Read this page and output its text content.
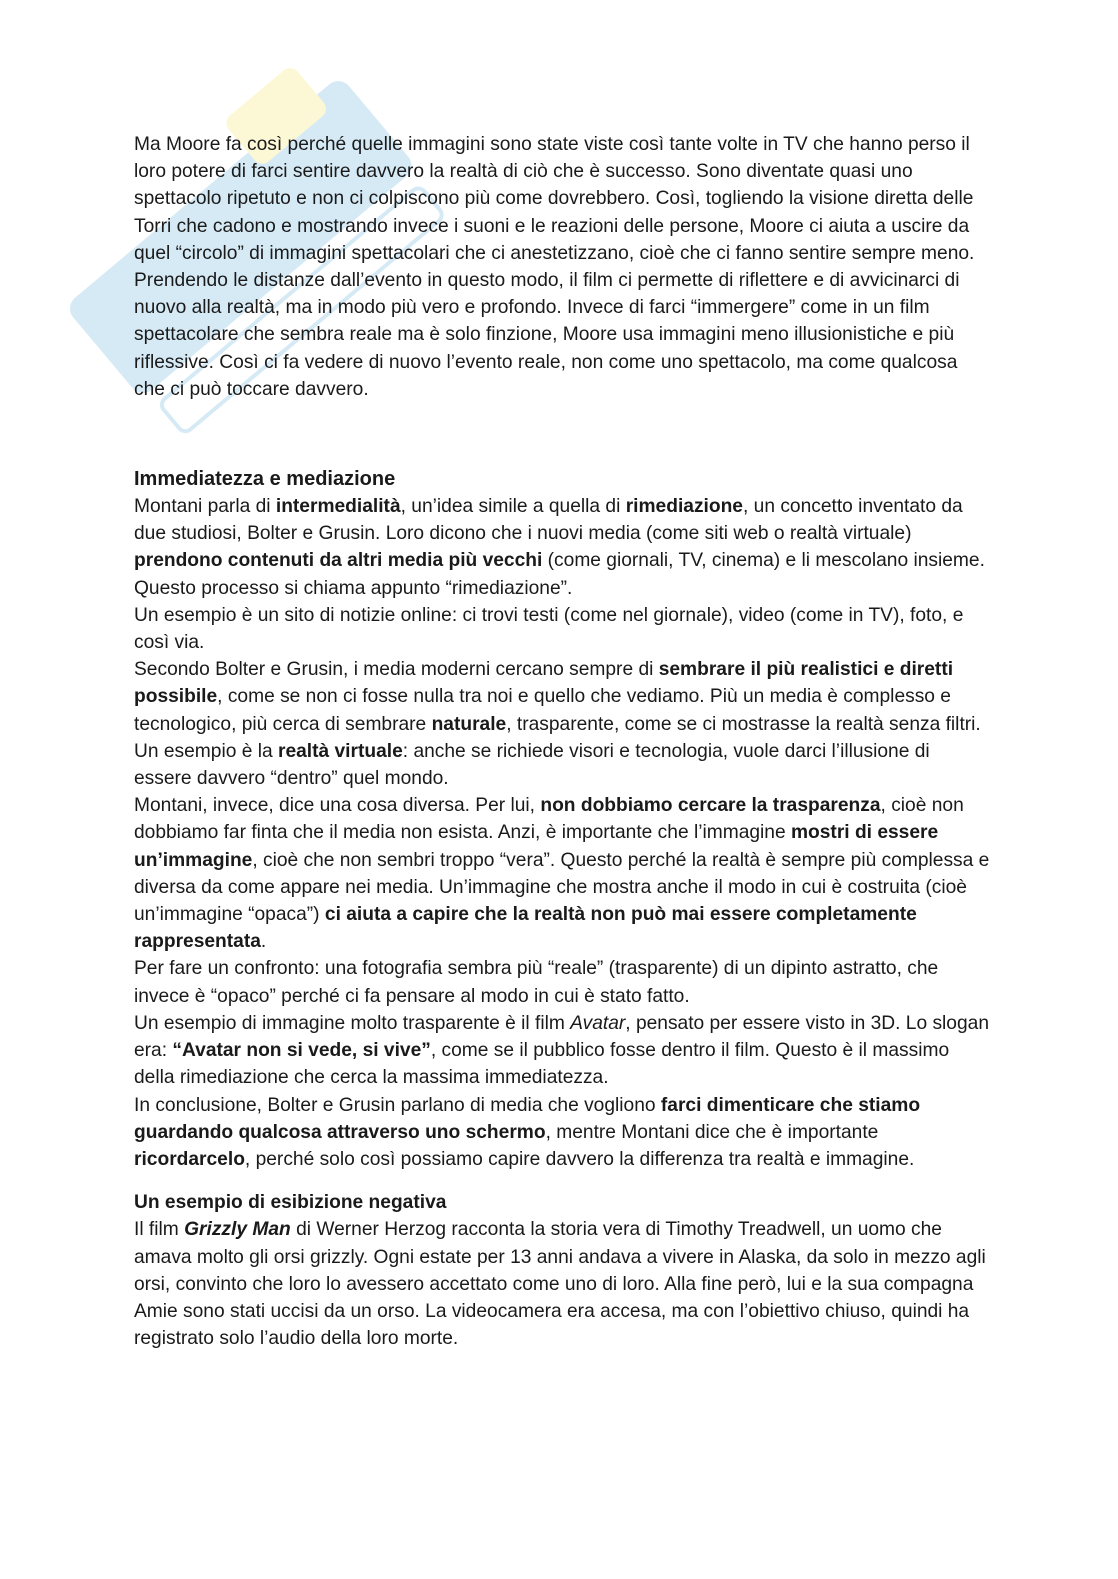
Ma Moore fa così perché quelle immagini sono state viste così tante volte in TV che hanno perso il loro potere di farci sentire davvero la realtà di ciò che è successo. Sono diventate quasi uno spettacolo ripetuto e non ci colpiscono più come dovrebbero. Così, togliendo la visione diretta delle Torri che cadono e mostrando invece i suoni e le reazioni delle persone, Moore ci aiuta a uscire da quel “circolo” di immagini spettacolari che ci anestetizzano, cioè che ci fanno sentire sempre meno. Prendendo le distanze dall’evento in questo modo, il film ci permette di riflettere e di avvicinarci di nuovo alla realtà, ma in modo più vero e profondo. Invece di farci “immergere” come in un film spettacolare che sembra reale ma è solo finzione, Moore usa immagini meno illusionistiche e più riflessive. Così ci fa vedere di nuovo l’evento reale, non come uno spettacolo, ma come qualcosa che ci può toccare davvero.

Immediatezza e mediazione

Montani parla di intermedialità, un’idea simile a quella di rimediazione, un concetto inventato da due studiosi, Bolter e Grusin. Loro dicono che i nuovi media (come siti web o realtà virtuale) prendono contenuti da altri media più vecchi (come giornali, TV, cinema) e li mescolano insieme. Questo processo si chiama appunto “rimediazione”.

Un esempio è un sito di notizie online: ci trovi testi (come nel giornale), video (come in TV), foto, e così via.

Secondo Bolter e Grusin, i media moderni cercano sempre di sembrare il più realistici e diretti possibile, come se non ci fosse nulla tra noi e quello che vediamo. Più un media è complesso e tecnologico, più cerca di sembrare naturale, trasparente, come se ci mostrasse la realtà senza filtri. Un esempio è la realtà virtuale: anche se richiede visori e tecnologia, vuole darci l’illusione di essere davvero “dentro” quel mondo.

Montani, invece, dice una cosa diversa. Per lui, non dobbiamo cercare la trasparenza, cioè non dobbiamo far finta che il media non esista. Anzi, è importante che l’immagine mostri di essere un’immagine, cioè che non sembri troppo “vera”. Questo perché la realtà è sempre più complessa e diversa da come appare nei media. Un’immagine che mostra anche il modo in cui è costruita (cioè un’immagine “opaca”) ci aiuta a capire che la realtà non può mai essere completamente rappresentata.

Per fare un confronto: una fotografia sembra più “reale” (trasparente) di un dipinto astratto, che invece è “opaco” perché ci fa pensare al modo in cui è stato fatto.

Un esempio di immagine molto trasparente è il film Avatar, pensato per essere visto in 3D. Lo slogan era: “Avatar non si vede, si vive”, come se il pubblico fosse dentro il film. Questo è il massimo della rimediazione che cerca la massima immediatezza.

In conclusione, Bolter e Grusin parlano di media che vogliono farci dimenticare che stiamo guardando qualcosa attraverso uno schermo, mentre Montani dice che è importante ricordarcelo, perché solo così possiamo capire davvero la differenza tra realtà e immagine.

Un esempio di esibizione negativa

Il film Grizzly Man di Werner Herzog racconta la storia vera di Timothy Treadwell, un uomo che amava molto gli orsi grizzly. Ogni estate per 13 anni andava a vivere in Alaska, da solo in mezzo agli orsi, convinto che loro lo avessero accettato come uno di loro. Alla fine però, lui e la sua compagna Amie sono stati uccisi da un orso. La videocamera era accesa, ma con l’obiettivo chiuso, quindi ha registrato solo l’audio della loro morte.
